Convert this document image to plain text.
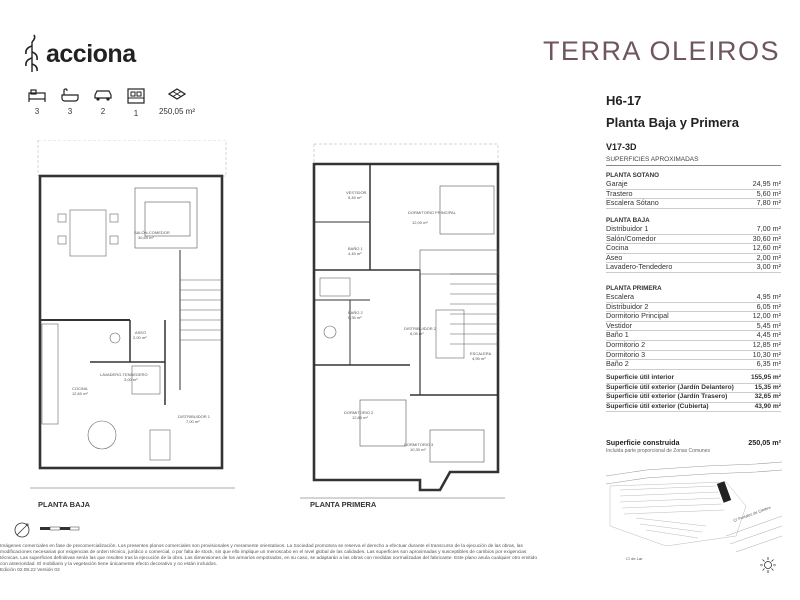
acciona	TERRA OLEIROS
3	3	2	1	250,05 m²
H6-17
Planta Baja y Primera
V17-3D
SUPERFICIES APROXIMADAS
PLANTA SOTANO
Garaje	24,95 m²
Trastero	5,60 m²
Escalera Sótano	7,80 m²
PLANTA BAJA
Distribuidor 1	7,00 m²
Salón/Comedor	30,60 m²
Cocina	12,60 m²
Aseo	2,00 m²
Lavadero-Tendedero	3,00 m²
PLANTA PRIMERA
Escalera	4,95 m²
Distribuidor 2	6,05 m²
Dormitorio Principal	12,00 m²
Vestidor	5,45 m²
Baño 1	4,45 m²
Dormitorio 2	12,85 m²
Dormitorio 3	10,30 m²
Baño 2	6,35 m²
Superficie útil interior	155,95 m²
Superficie útil exterior (Jardín Delantero)	15,35 m²
Superficie útil exterior (Jardín Trasero)	32,65 m²
Superficie útil exterior (Cubierta)	43,90 m²
Superficie construida	250,05 m²
Incluida parte proporcional de Zonas Comunes
C/ de Lar
C/ Portales de Cimbre
SALÓN-COMEDOR
30,60 m²
ASEO
2,00 m²
LAVADERO-TENDEDERO
3,00 m²
COCINA
12,60 m²
DISTRIBUIDOR 1
7,00 m²
PLANTA BAJA
VESTIDOR
5,45 m²
DORMITORIO PRINCIPAL
12,00 m²
BAÑO 1
4,45 m²
BAÑO 2
6,35 m²
DISTRIBUIDOR 2
6,05 m²
ESCALERA
4,95 m²
DORMITORIO 2
12,85 m²
DORMITORIO 3
10,30 m²
PLANTA PRIMERA
Imágenes comerciales en fase de precomercialización. Los presentes planos comerciales son provisionales y meramente orientativos. La Sociedad promotora se reserva el derecho a efectuar durante el transcurso de la ejecución de las obras, las
modificaciones necesarias por exigencias de orden técnico, jurídico o comercial, o por falta de stock, sin que ello implique un menoscabo en el nivel global de las calidades. Las superficies son aproximadas y susceptibles de cambios por exigencias
técnicas. Las superficies definitivas serán las que resulten tras la ejecución de la obra. Las dimensiones de los armarios empotrados, en su caso, se adaptarán a las obras con medidas normalizadas del fabricante. Este plano anula cualquier otro emitido
con anterioridad. El mobiliario y la vegetación tiene únicamente efecto decorativo y no están incluidos.
Edición 02.08.22 Versión 02
